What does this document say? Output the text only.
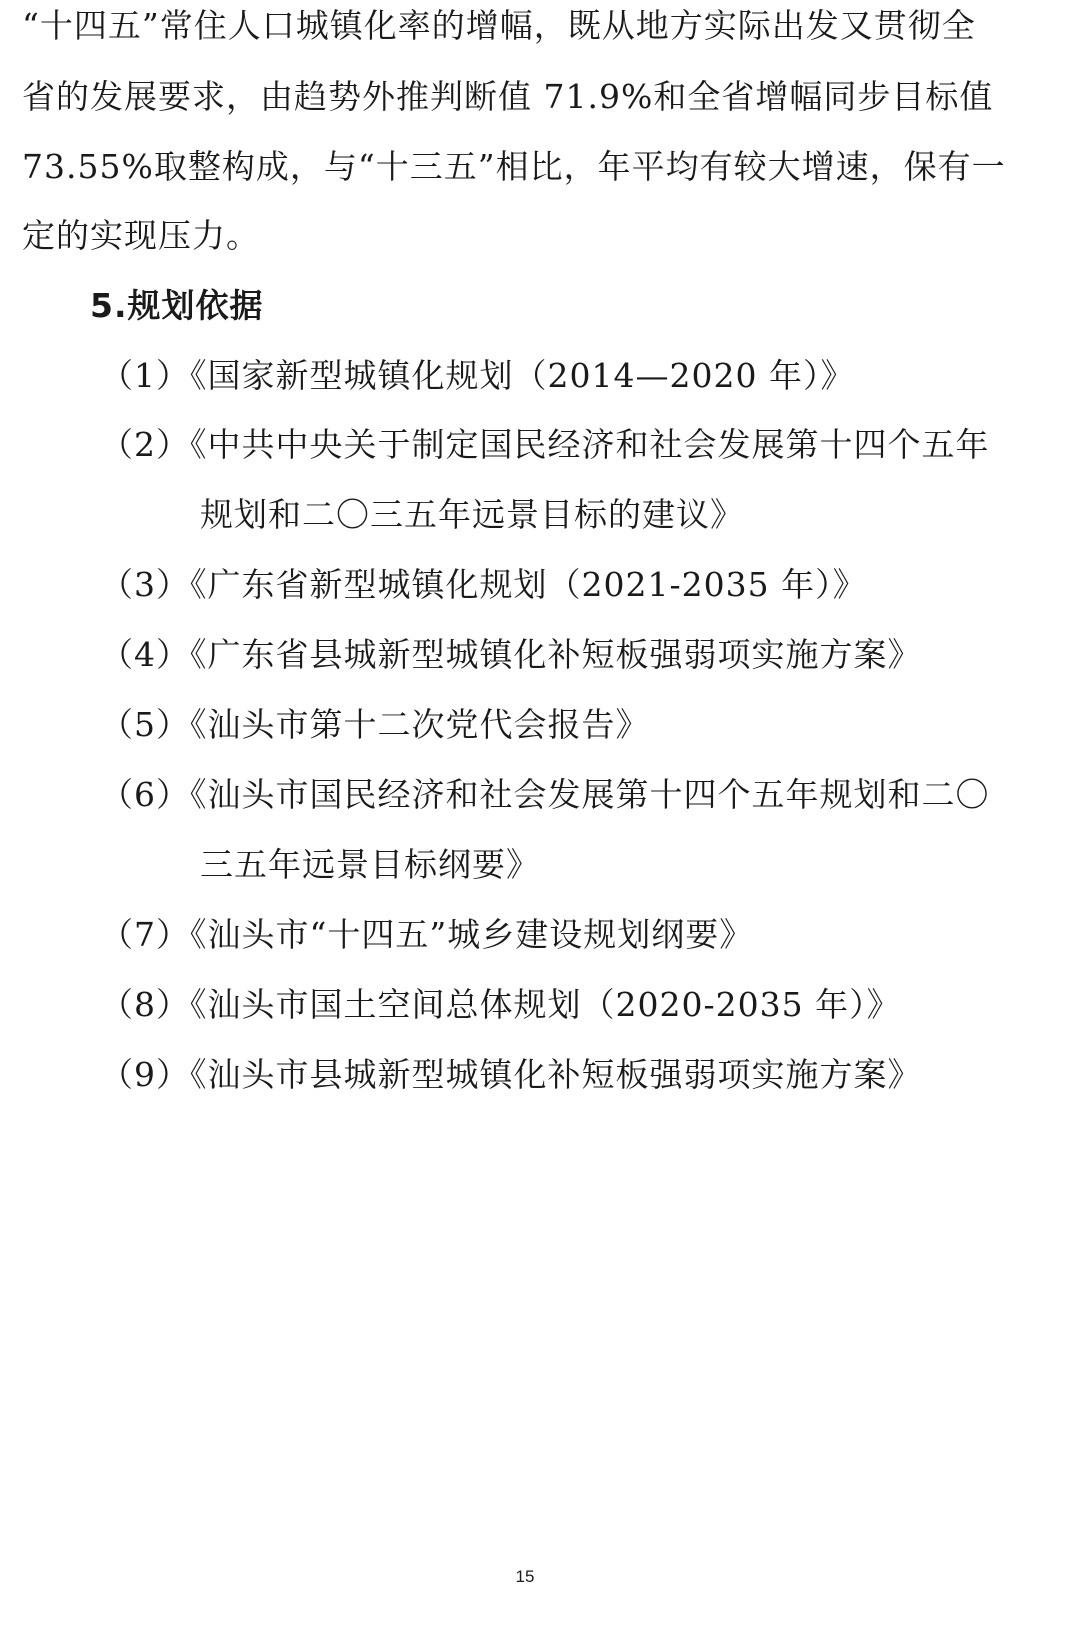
“十四五”常住人口城镇化率的增幅，既从地方实际出发又贯彻全
省的发展要求，由趋势外推判断值 71.9%和全省增幅同步目标值
73.55%取整构成，与“十三五”相比，年平均有较大增速，保有一
定的实现压力。
5.规划依据
（1）《国家新型城镇化规划（2014—2020 年）》
（2）《中共中央关于制定国民经济和社会发展第十四个五年
规划和二〇三五年远景目标的建议》
（3）《广东省新型城镇化规划（2021-2035 年）》
（4）《广东省县城新型城镇化补短板强弱项实施方案》
（5）《汕头市第十二次党代会报告》
（6）《汕头市国民经济和社会发展第十四个五年规划和二〇
三五年远景目标纲要》
（7）《汕头市“十四五”城乡建设规划纲要》
（8）《汕头市国土空间总体规划（2020-2035 年）》
（9）《汕头市县城新型城镇化补短板强弱项实施方案》
15
